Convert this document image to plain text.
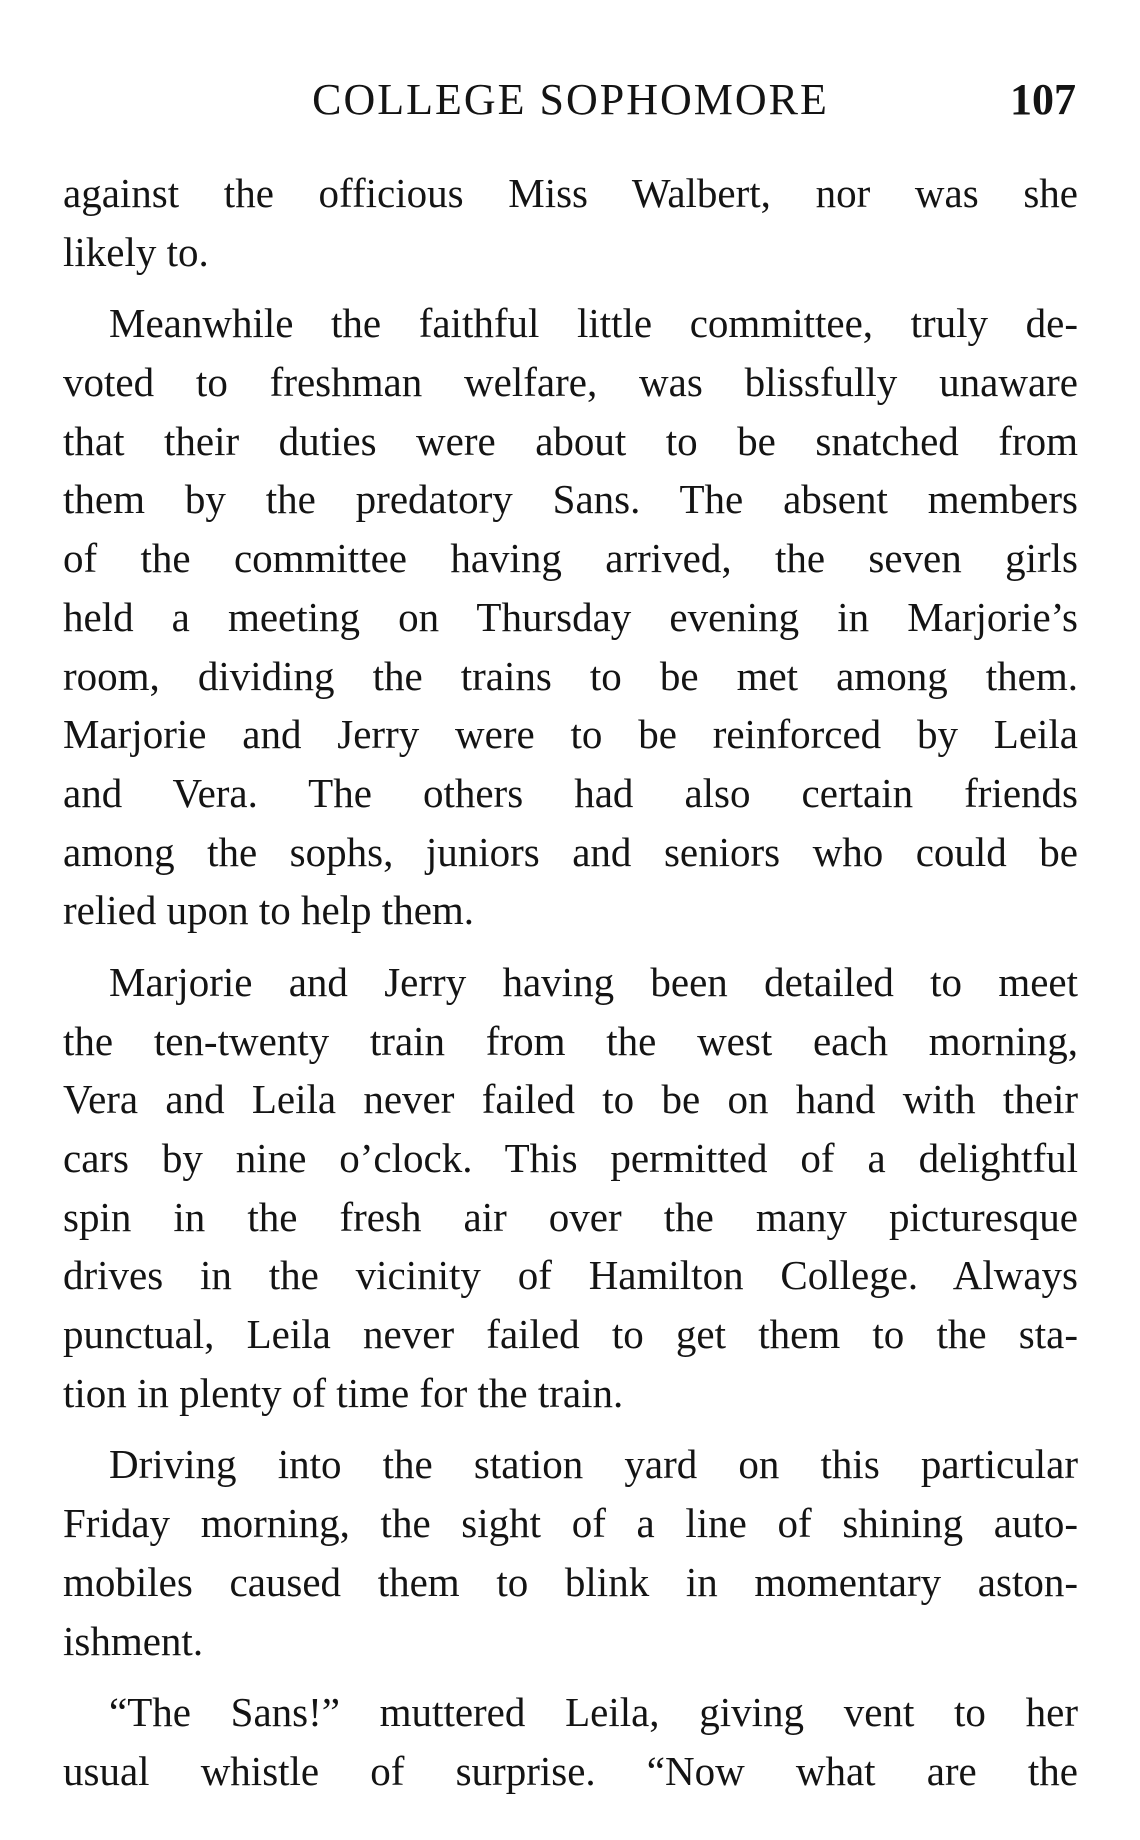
COLLEGE SOPHOMORE	107

against the officious Miss Walbert, nor was she
likely to.

Meanwhile the faithful little committee, truly de-
voted to freshman welfare, was blissfully unaware
that their duties were about to be snatched from
them by the predatory Sans. The absent members
of the committee having arrived, the seven girls
held a meeting on Thursday evening in Marjorie’s
room, dividing the trains to be met among them.
Marjorie and Jerry were to be reinforced by Leila
and Vera. The others had also certain friends
among the sophs, juniors and seniors who could be
relied upon to help them.

Marjorie and Jerry having been detailed to meet
the ten-twenty train from the west each morning,
Vera and Leila never failed to be on hand with their
cars by nine o’clock. This permitted of a delightful
spin in the fresh air over the many picturesque
drives in the vicinity of Hamilton College. Always
punctual, Leila never failed to get them to the sta-
tion in plenty of time for the train.

Driving into the station yard on this particular
Friday morning, the sight of a line of shining auto-
mobiles caused them to blink in momentary aston-
ishment.

“The Sans!” muttered Leila, giving vent to her
usual whistle of surprise. “Now what are the
